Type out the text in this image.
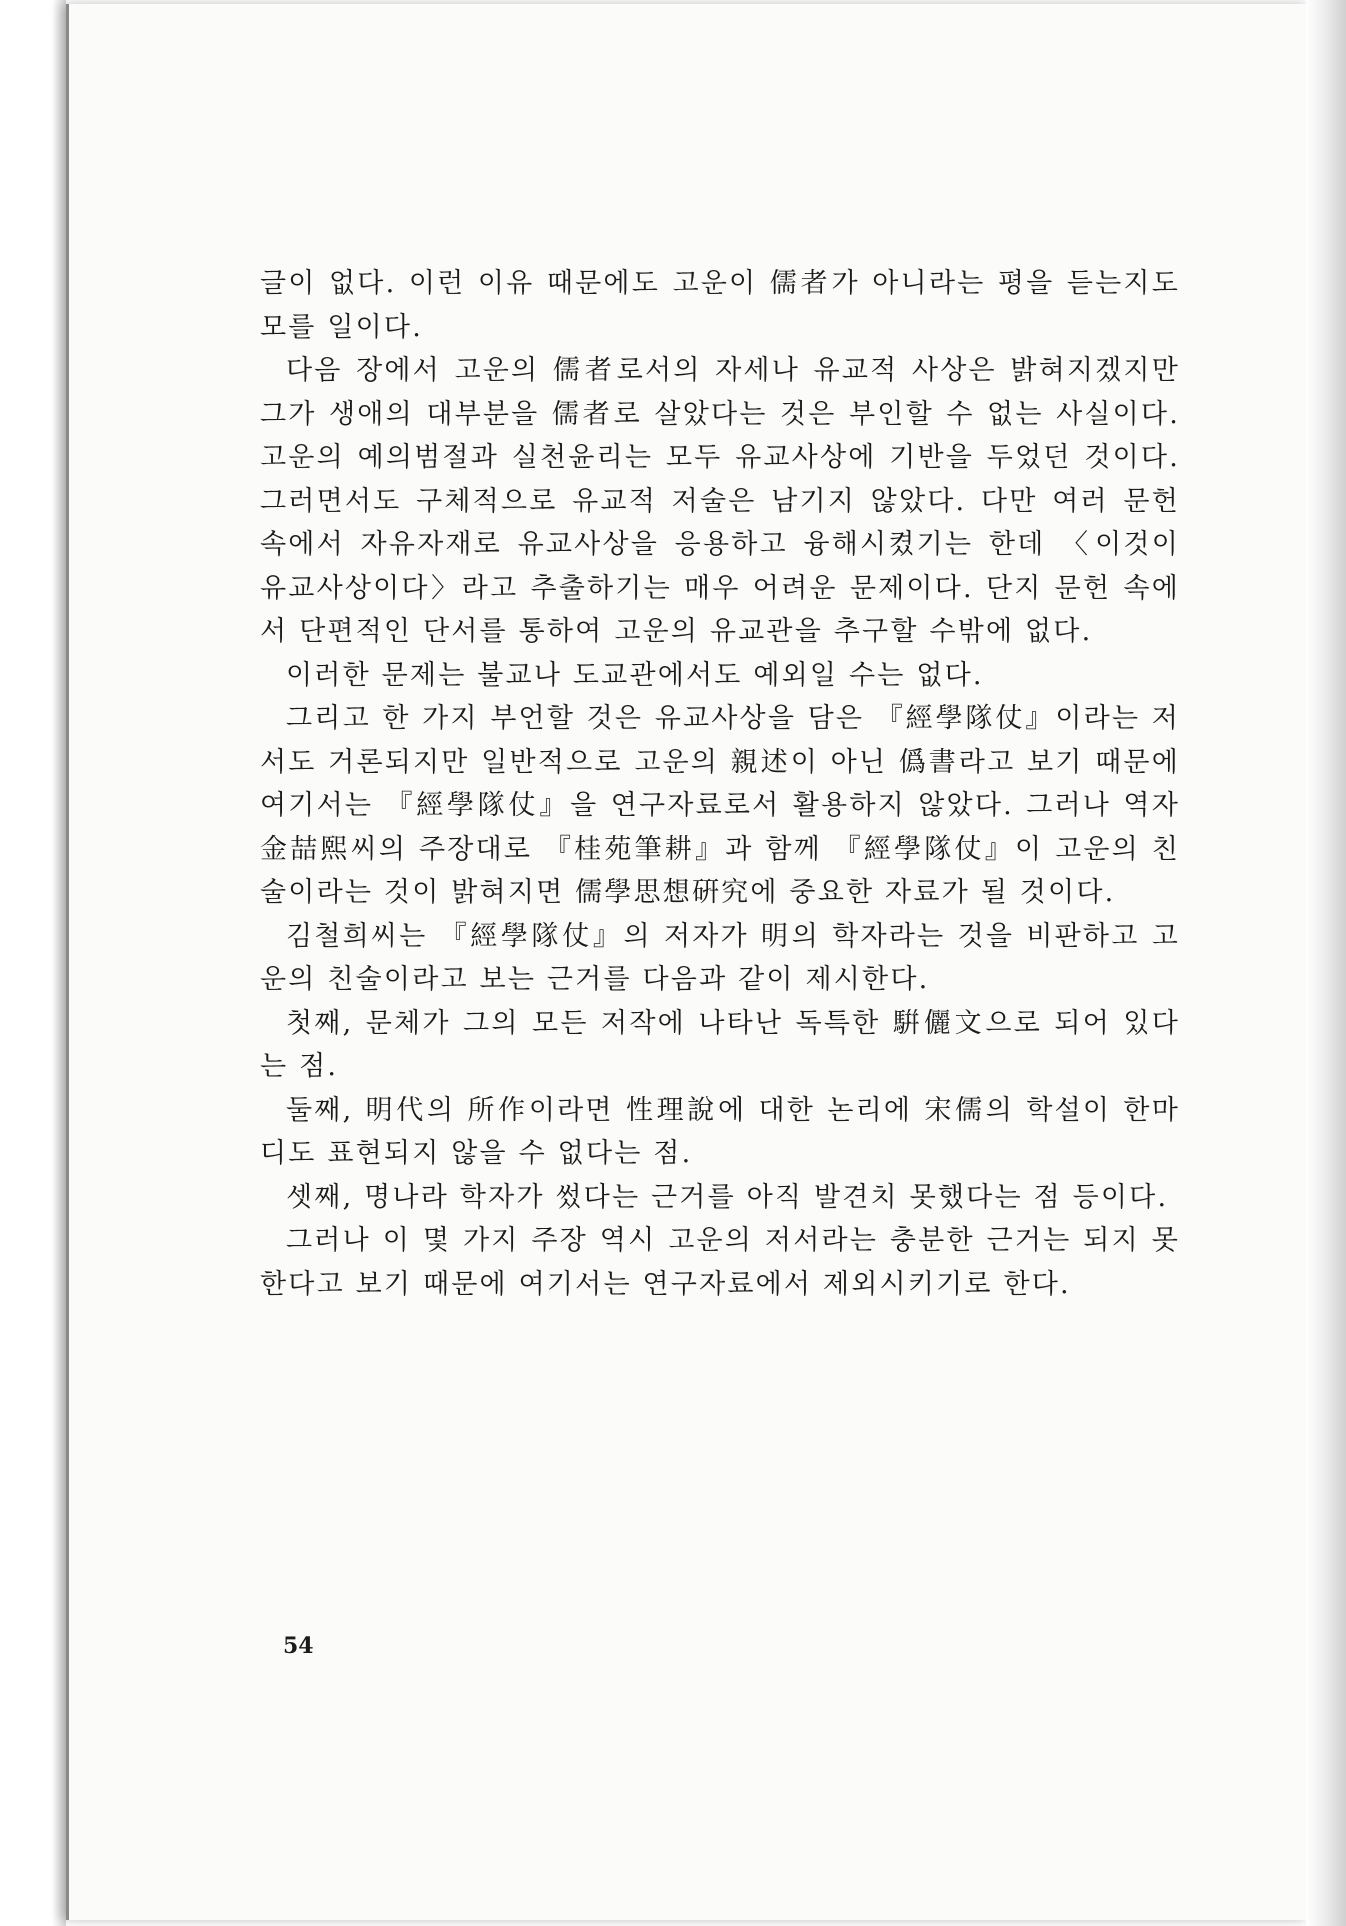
글이 없다. 이런 이유 때문에도 고운이 儒者가 아니라는 평을 듣는지도 모를 일이다.

다음 장에서 고운의 儒者로서의 자세나 유교적 사상은 밝혀지겠지만 그가 생애의 대부분을 儒者로 살았다는 것은 부인할 수 없는 사실이다. 고운의 예의범절과 실천윤리는 모두 유교사상에 기반을 두었던 것이다. 그러면서도 구체적으로 유교적 저술은 남기지 않았다. 다만 여러 문헌 속에서 자유자재로 유교사상을 응용하고 융해시켰기는 한데 〈이것이 유교사상이다〉라고 추출하기는 매우 어려운 문제이다. 단지 문헌 속에서 단편적인 단서를 통하여 고운의 유교관을 추구할 수밖에 없다.

이러한 문제는 불교나 도교관에서도 예외일 수는 없다.

그리고 한 가지 부언할 것은 유교사상을 담은 『經學隊仗』이라는 저서도 거론되지만 일반적으로 고운의 親述이 아닌 僞書라고 보기 때문에 여기서는 『經學隊仗』을 연구자료로서 활용하지 않았다. 그러나 역자 金喆熙씨의 주장대로 『桂苑筆耕』과 함께 『經學隊仗』이 고운의 친술이라는 것이 밝혀지면 儒學思想硏究에 중요한 자료가 될 것이다.

김철희씨는 『經學隊仗』의 저자가 明의 학자라는 것을 비판하고 고운의 친술이라고 보는 근거를 다음과 같이 제시한다.

첫째, 문체가 그의 모든 저작에 나타난 독특한 騈儷文으로 되어 있다는 점.

둘째, 明代의 所作이라면 性理說에 대한 논리에 宋儒의 학설이 한마디도 표현되지 않을 수 없다는 점.

셋째, 명나라 학자가 썼다는 근거를 아직 발견치 못했다는 점 등이다.

그러나 이 몇 가지 주장 역시 고운의 저서라는 충분한 근거는 되지 못한다고 보기 때문에 여기서는 연구자료에서 제외시키기로 한다.

54
